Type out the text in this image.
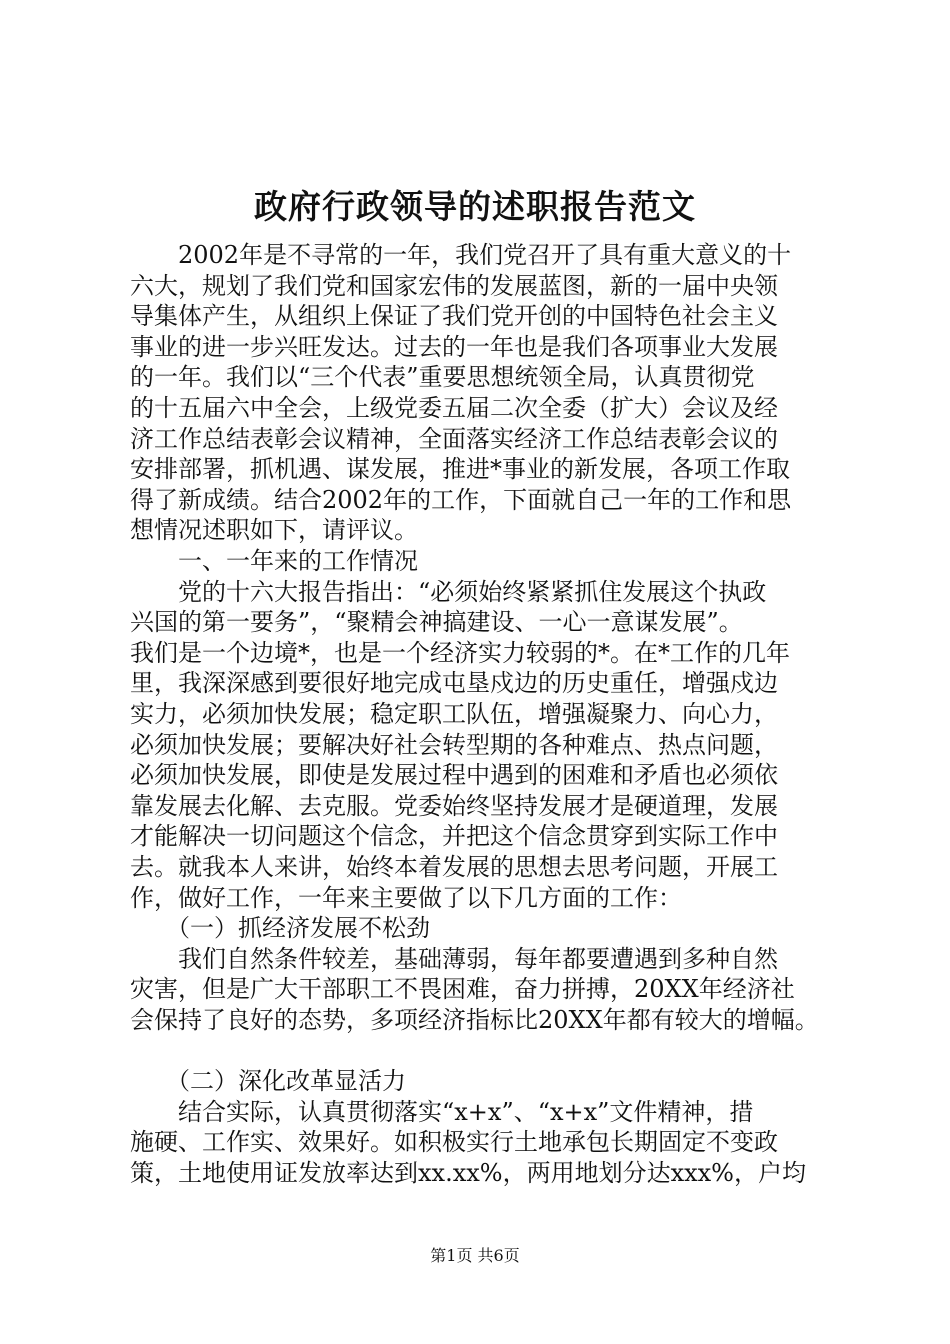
政府行政领导的述职报告范文

　　2002年是不寻常的一年，我们党召开了具有重大意义的十

六大，规划了我们党和国家宏伟的发展蓝图，新的一届中央领

导集体产生，从组织上保证了我们党开创的中国特色社会主义

事业的进一步兴旺发达。过去的一年也是我们各项事业大发展

的一年。我们以“三个代表”重要思想统领全局，认真贯彻党

的十五届六中全会，上级党委五届二次全委（扩大）会议及经

济工作总结表彰会议精神，全面落实经济工作总结表彰会议的

安排部署，抓机遇、谋发展，推进*事业的新发展，各项工作取

得了新成绩。结合2002年的工作，下面就自己一年的工作和思

想情况述职如下，请评议。

　　一、一年来的工作情况

　　党的十六大报告指出：“必须始终紧紧抓住发展这个执政

兴国的第一要务”，“聚精会神搞建设、一心一意谋发展”。

我们是一个边境*，也是一个经济实力较弱的*。在*工作的几年

里，我深深感到要很好地完成屯垦戍边的历史重任，增强戍边

实力，必须加快发展；稳定职工队伍，增强凝聚力、向心力，

必须加快发展；要解决好社会转型期的各种难点、热点问题，

必须加快发展，即使是发展过程中遇到的困难和矛盾也必须依

靠发展去化解、去克服。党委始终坚持发展才是硬道理，发展

才能解决一切问题这个信念，并把这个信念贯穿到实际工作中

去。就我本人来讲，始终本着发展的思想去思考问题，开展工

作，做好工作，一年来主要做了以下几方面的工作：

　　（一）抓经济发展不松劲

　　我们自然条件较差，基础薄弱，每年都要遭遇到多种自然

灾害，但是广大干部职工不畏困难，奋力拼搏，20XX年经济社

会保持了良好的态势，多项经济指标比20XX年都有较大的增幅。

　　（二）深化改革显活力

　　结合实际，认真贯彻落实“x+x”、“x+x”文件精神，措

施硬、工作实、效果好。如积极实行土地承包长期固定不变政

策，土地使用证发放率达到xx.xx%，两用地划分达xxx%，户均

第1页 共6页
